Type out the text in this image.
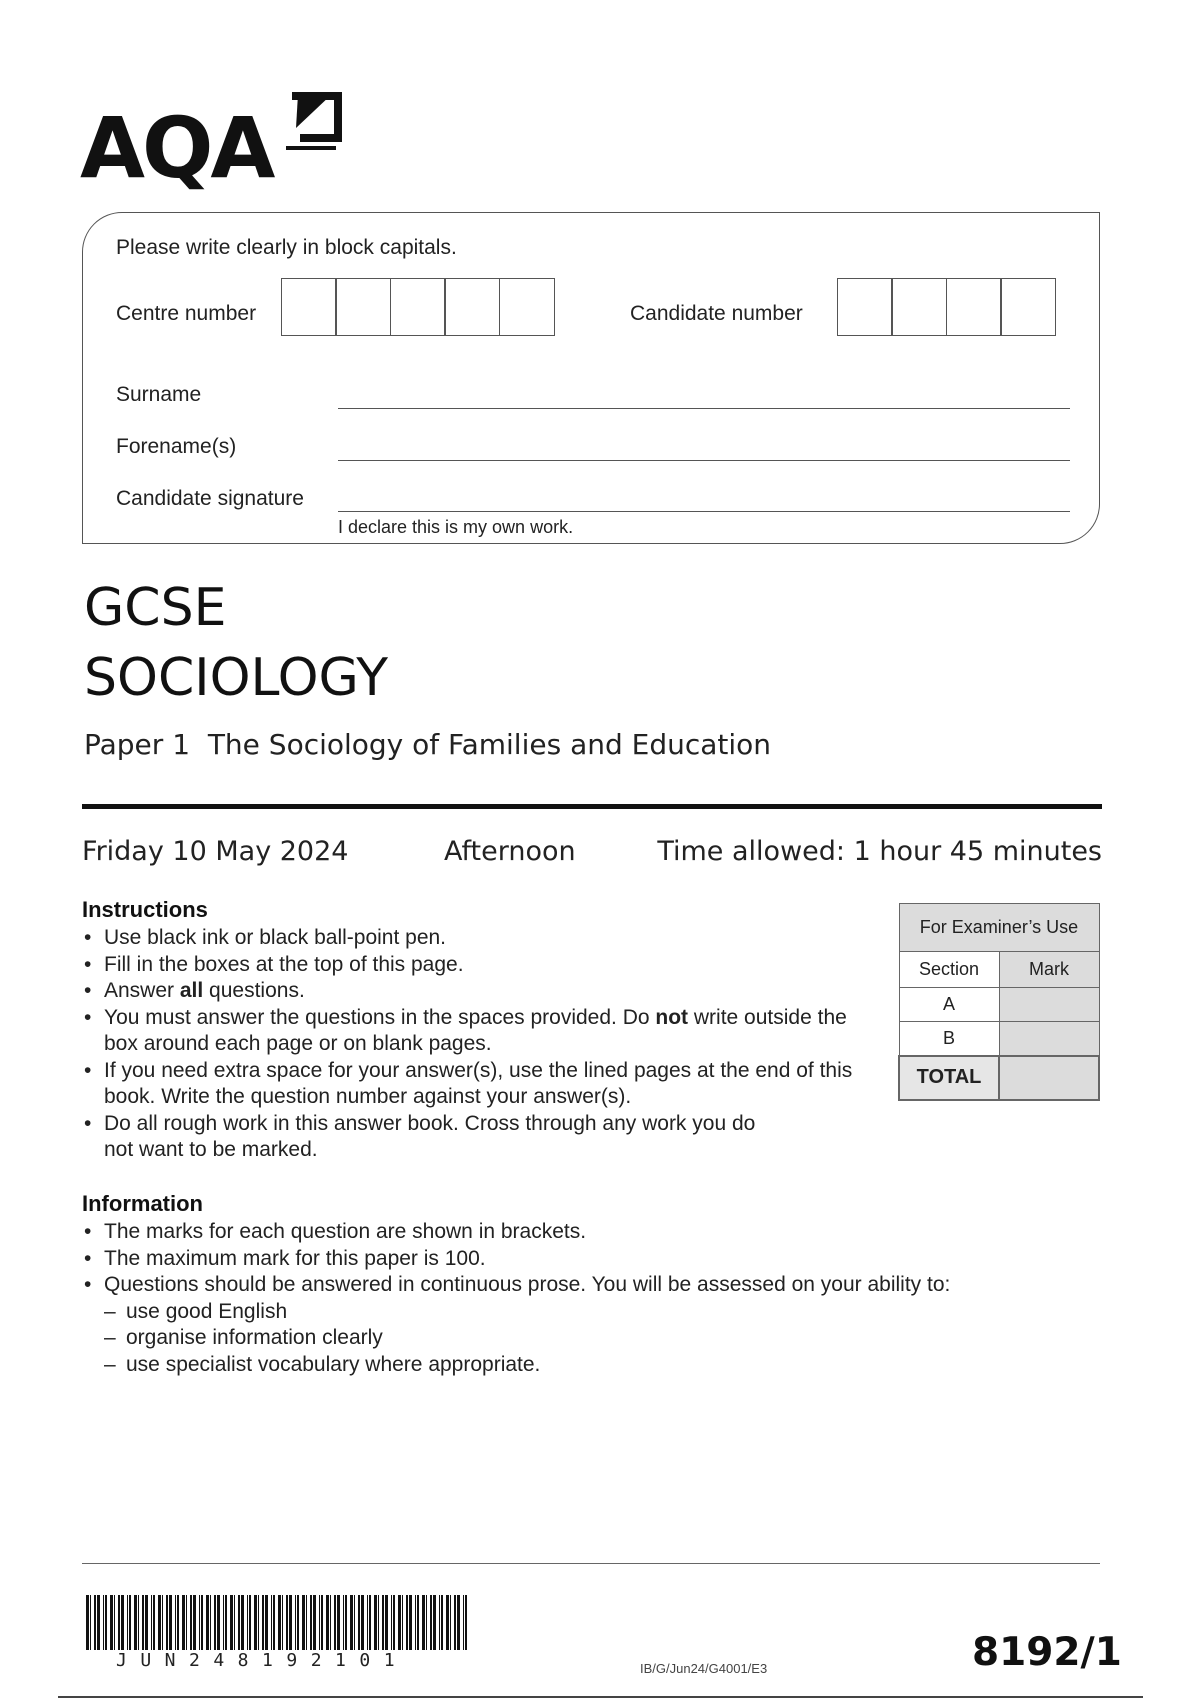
AQA
Please write clearly in block capitals.
Centre number	Candidate number
Surname
Forename(s)
Candidate signature
I declare this is my own work.
GCSE
SOCIOLOGY
Paper 1  The Sociology of Families and Education
Friday 10 May 2024	Afternoon	Time allowed: 1 hour 45 minutes
Instructions
• Use black ink or black ball-point pen.
• Fill in the boxes at the top of this page.
• Answer all questions.
• You must answer the questions in the spaces provided. Do not write outside the box around each page or on blank pages.
• If you need extra space for your answer(s), use the lined pages at the end of this book. Write the question number against your answer(s).
• Do all rough work in this answer book. Cross through any work you do not want to be marked.
Information
• The marks for each question are shown in brackets.
• The maximum mark for this paper is 100.
• Questions should be answered in continuous prose. You will be assessed on your ability to:
– use good English
– organise information clearly
– use specialist vocabulary where appropriate.
For Examiner’s Use	
Section	Mark
A	
B	
TOTAL	
JUN248192101	IB/G/Jun24/G4001/E3	8192/1
